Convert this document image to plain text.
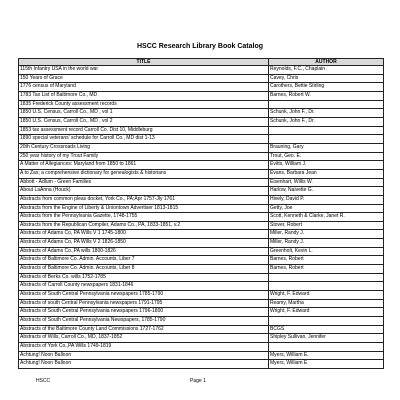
HSCC Research Library Book Catalog
TITLE	AUTHOR
115th Infantry USA in the world war	Reynolds, F.C., Chaplain
150 Years of Grace	Cavey, Chris
1776 census of Maryland	Carothers, Bettie Stirling
1783 Tax List of Baltimore Co., MD	Barnes, Robert W.
1835 Frederick County assessment records	
1850 U.S. Census, Carroll Co., MD , vol 1	Schunk, John F., Dr.
1850 U.S. Census, Carroll Co., MD , vol 2	Schunk, John F., Dr.
1853 tax assessment record Carroll Co. Dist 10, Middleburg	
1890 special veterans' schedule for Carroll Co., MD dist 1-13	
20th Century Crossroads Living	Brauning, Gary
250 year history of my Trout Family	Trout, Geo. E.
A Matter of Allegiances: Maryland from 1850 to 1861	Evitts, William J.
A to Zax; a comprehensive dictionary for genealogists & historians	Evans, Barbara Jean
Abbott - Adlum - Green Families	Eisenhart, Willis W.
About LaAnna (Houck)	Harlow, Naivette G.
Abstracts from common pleas docket, York Co., PA;Apr 1757-Jly 1761	Hively, David P.
Abstracts from the Engine of Liberty & Uniontown Advertiser 1813-1815	Getty, Joe
Abstracts from the Pennsylvania Gazette, 1748-1755	Scott, Kenneth & Clarke, Janet R.
Abstracts from the Republican Compiler, Adams Co., PA, 1833-1851, v.2	Stover, Robert
Abstracts of Adams Co, PA Wills V 1 1745-1800	Miller, Randy J.
Abstracts of Adams Co, PA Wills V 2 1826-1850	Miller, Randy J.
Abstracts of Adams Co.,PA wills 1800-1826	Greenholt, Kevin L.
Abstracts of Baltimore Co. Admin. Accounts, Liber 7	Barnes, Robert
Abstracts of Baltimore Co. Admin. Accounts, Liber 8	Barnes, Robert
Abstracts of Berks Co. wills 1752-1785	
Abstracts of Carroll County newspapers 1831-1846	
Abstracts of South Central Pennsylvania newspapers 1785-1790	Wright, F. Edward
Abstracts of south Central Pennsylvania newspapers 1791-1795	Reamy, Martha
Abstracts of South Central Pennsylvania newspapers 1796-1800	Wright, F. Edward
Abstracts of South Central Pennsylvania Newspapers, 1785-1790	
Abstracts of the Baltimore County Land Commissions 1727-1762	BCGS
Abstracts of Wills, Carroll Co., MD, 1837-1852	Shipley Sullivan, Jennifer
Abstracts of York Co.,PA Wills 1749-1819	
Achtung! Noon Balloon	Myers, William E.
Achtung! Noon Balloon	Myers, William E
HSCC	Page 1
